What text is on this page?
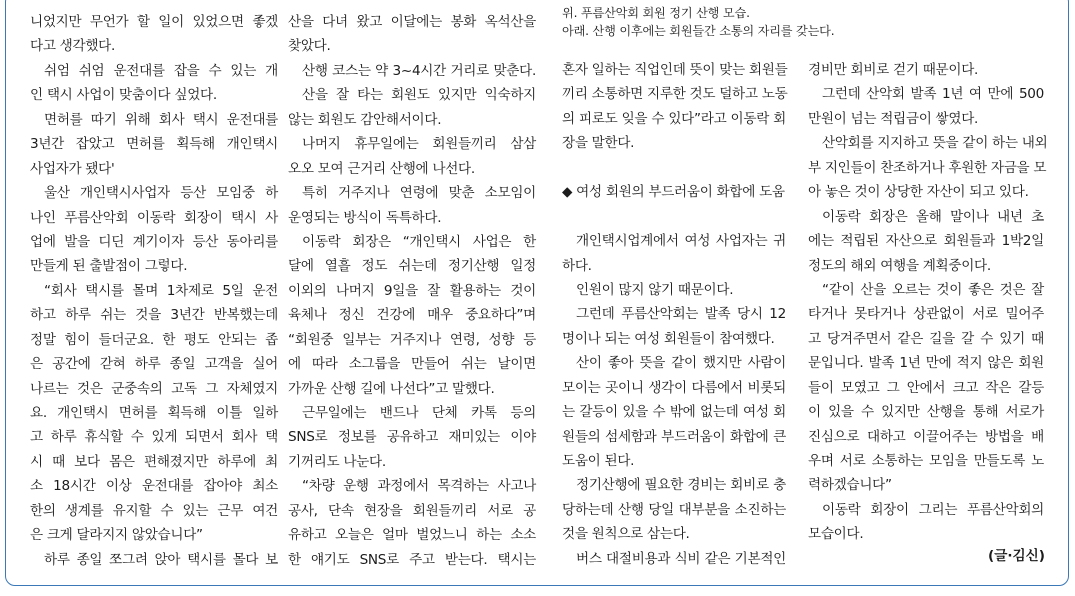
위. 푸름산악회 회원 정기 산행 모습.
아래. 산행 이후에는 회원들간 소통의 자리를 갖는다.
니었지만 무언가 할 일이 있었으면 좋겠
다고 생각했다.
쉬엄 쉬엄 운전대를 잡을 수 있는 개
인 택시 사업이 맞춤이다 싶었다.
면허를 따기 위해 회사 택시 운전대를
3년간 잡았고 면허를 획득해 개인택시
사업자가 됐다'
울산 개인택시사업자 등산 모임중 하
나인 푸름산악회 이동락 회장이 택시 사
업에 발을 디딘 계기이자 등산 동아리를
만들게 된 출발점이 그렇다.
“회사 택시를 몰며 1차제로 5일 운전
하고 하루 쉬는 것을 3년간 반복했는데
정말 힘이 들더군요. 한 평도 안되는 좁
은 공간에 갇혀 하루 종일 고객을 실어
나르는 것은 군중속의 고독 그 자체였지
요. 개인택시 면허를 획득해 이틀 일하
고 하루 휴식할 수 있게 되면서 회사 택
시 때 보다 몸은 편해졌지만 하루에 최
소 18시간 이상 운전대를 잡아야 최소
한의 생계를 유지할 수 있는 근무 여건
은 크게 달라지지 않았습니다”
하루 종일 쪼그려 앉아 택시를 몰다 보
산을 다녀 왔고 이달에는 봉화 옥석산을
찾았다.
산행 코스는 약 3~4시간 거리로 맞춘다.
산을 잘 타는 회원도 있지만 익숙하지
않는 회원도 감안해서이다.
나머지 휴무일에는 회원들끼리 삼삼
오오 모여 근거리 산행에 나선다.
특히 거주지나 연령에 맞춘 소모임이
운영되는 방식이 독특하다.
이동락 회장은 “개인택시 사업은 한
달에 열흘 정도 쉬는데 정기산행 일정
이외의 나머지 9일을 잘 활용하는 것이
육체나 정신 건강에 매우 중요하다”며
“회원중 일부는 거주지나 연령, 성향 등
에 따라 소그룹을 만들어 쉬는 날이면
가까운 산행 길에 나선다”고 말했다.
근무일에는 밴드나 단체 카톡 등의
SNS로 정보를 공유하고 재미있는 이야
기꺼리도 나눈다.
“차량 운행 과정에서 목격하는 사고나
공사, 단속 현장을 회원들끼리 서로 공
유하고 오늘은 얼마 벌었느니 하는 소소
한 얘기도 SNS로 주고 받는다. 택시는
혼자 일하는 직업인데 뜻이 맞는 회원들
끼리 소통하면 지루한 것도 덜하고 노동
의 피로도 잊을 수 있다”라고 이동락 회
장을 말한다.
◆ 여성 회원의 부드러움이 화합에 도움
개인택시업계에서 여성 사업자는 귀
하다.
인원이 많지 않기 때문이다.
그런데 푸름산악회는 발족 당시 12
명이나 되는 여성 회원들이 참여했다.
산이 좋아 뜻을 같이 했지만 사람이
모이는 곳이니 생각이 다름에서 비롯되
는 갈등이 있을 수 밖에 없는데 여성 회
원들의 섬세함과 부드러움이 화합에 큰
도움이 된다.
정기산행에 필요한 경비는 회비로 충
당하는데 산행 당일 대부분을 소진하는
것을 원칙으로 삼는다.
버스 대절비용과 식비 같은 기본적인
경비만 회비로 걷기 때문이다.
그런데 산악회 발족 1년 여 만에 500
만원이 넘는 적립금이 쌓였다.
산악회를 지지하고 뜻을 같이 하는 내외
부 지인들이 찬조하거나 후원한 자금을 모
아 놓은 것이 상당한 자산이 되고 있다.
이동락 회장은 올해 말이나 내년 초
에는 적립된 자산으로 회원들과 1박2일
정도의 해외 여행을 계획중이다.
“같이 산을 오르는 것이 좋은 것은 잘
타거나 못타거나 상관없이 서로 밀어주
고 당겨주면서 같은 길을 갈 수 있기 때
문입니다. 발족 1년 만에 적지 않은 회원
들이 모였고 그 안에서 크고 작은 갈등
이 있을 수 있지만 산행을 통해 서로가
진심으로 대하고 이끌어주는 방법을 배
우며 서로 소통하는 모임을 만들도록 노
력하겠습니다”
이동락 회장이 그리는 푸름산악회의
모습이다.
(글·김신)
